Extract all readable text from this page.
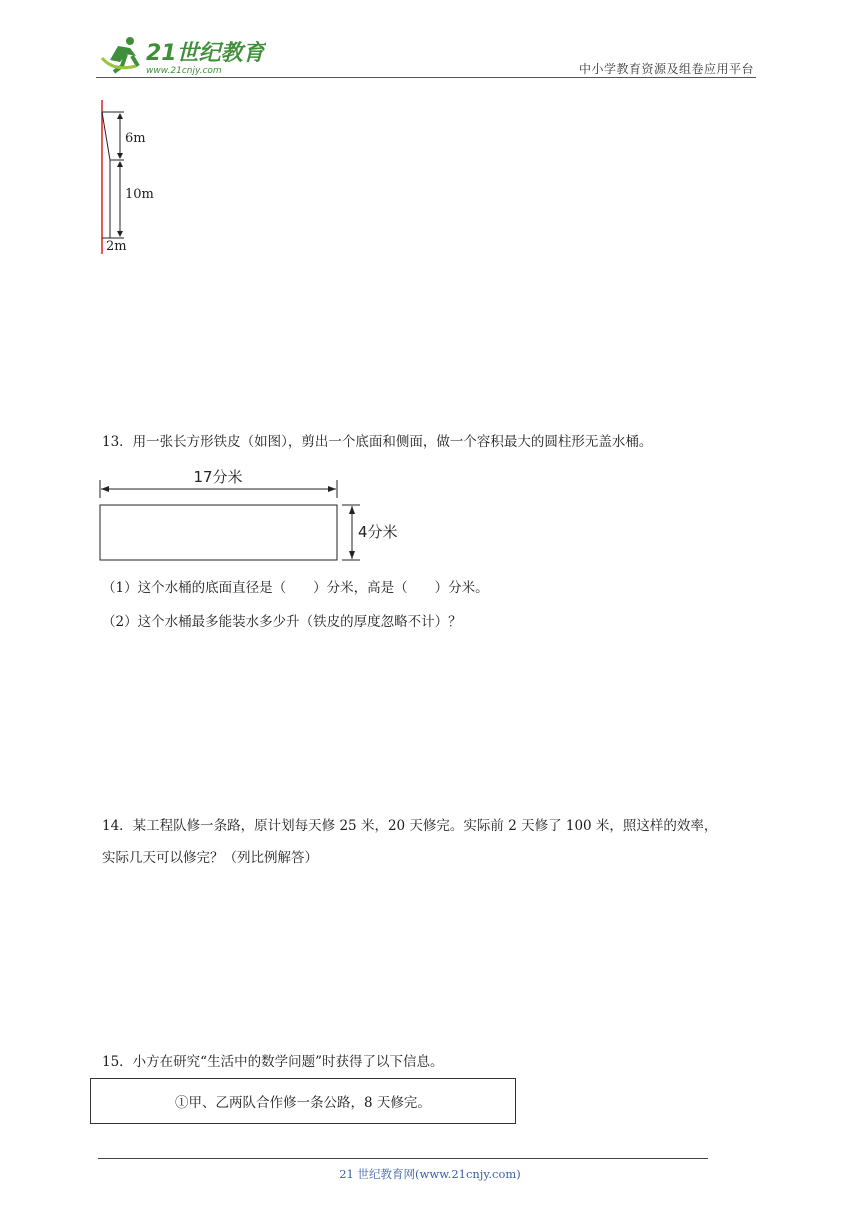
21世纪教育
www.21cnjy.com	中小学教育资源及组卷应用平台
6m
10m
2m
13．用一张长方形铁皮（如图），剪出一个底面和侧面，做一个容积最大的圆柱形无盖水桶。
17分米
4分米
（1）这个水桶的底面直径是（　　）分米，高是（　　）分米。
（2）这个水桶最多能装水多少升（铁皮的厚度忽略不计）？
14．某工程队修一条路，原计划每天修 25 米，20 天修完。实际前 2 天修了 100 米，照这样的效率，
实际几天可以修完？（列比例解答）
15．小方在研究“生活中的数学问题”时获得了以下信息。
①甲、乙两队合作修一条公路，8 天修完。
21 世纪教育网(www.21cnjy.com)
